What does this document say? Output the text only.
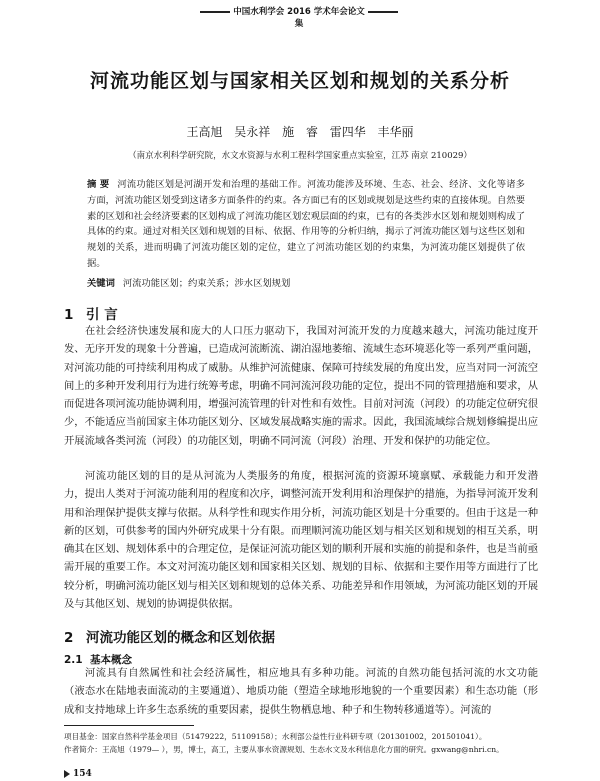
中国水利学会 2016 学术年会论文集
河流功能区划与国家相关区划和规划的关系分析
王高旭 吴永祥 施 睿 雷四华 丰华丽
（南京水利科学研究院，水文水资源与水利工程科学国家重点实验室，江苏 南京 210029）
摘 要 河流功能区划是河湖开发和治理的基础工作。河流功能涉及环境、生态、社会、经济、文化等诸多方面，河流功能区划受到这诸多方面条件的约束。各方面已有的区划或规划是这些约束的直接体现。自然要素的区划和社会经济要素的区划构成了河流功能区划宏观层面的约束，已有的各类涉水区划和规划则构成了具体的约束。通过对相关区划和规划的目标、依据、作用等的分析归纳，揭示了河流功能区划与这些区划和规划的关系，进而明确了河流功能区划的定位，建立了河流功能区划的约束集，为河流功能区划提供了依据。
关键词 河流功能区划；约束关系；涉水区划规划
1 引 言
在社会经济快速发展和庞大的人口压力驱动下，我国对河流开发的力度越来越大，河流功能过度开发、无序开发的现象十分普遍，已造成河流断流、湖泊湿地萎缩、流域生态环境恶化等一系列严重问题，对河流功能的可持续利用构成了威胁。从维护河流健康、保障可持续发展的角度出发，应当对同一河流空间上的多种开发利用行为进行统筹考虑，明确不同河流河段功能的定位，提出不同的管理措施和要求，从而促进各项河流功能协调利用，增强河流管理的针对性和有效性。目前对河流（河段）的功能定位研究很少，不能适应当前国家主体功能区划分、区域发展战略实施的需求。因此，我国流域综合规划修编提出应开展流域各类河流（河段）的功能区划，明确不同河流（河段）治理、开发和保护的功能定位。
河流功能区划的目的是从河流为人类服务的角度，根据河流的资源环境禀赋、承载能力和开发潜力，提出人类对于河流功能利用的程度和次序，调整河流开发利用和治理保护的措施，为指导河流开发利用和治理保护提供支撑与依据。从科学性和现实作用分析，河流功能区划是十分重要的。但由于这是一种新的区划，可供参考的国内外研究成果十分有限。而理顺河流功能区划与相关区划和规划的相互关系，明确其在区划、规划体系中的合理定位，是保证河流功能区划的顺利开展和实施的前提和条件，也是当前亟需开展的重要工作。本文对河流功能区划和国家相关区划、规划的目标、依据和主要作用等方面进行了比较分析，明确河流功能区划与相关区划和规划的总体关系、功能差异和作用领域，为河流功能区划的开展及与其他区划、规划的协调提供依据。
2 河流功能区划的概念和区划依据
2.1 基本概念
河流具有自然属性和社会经济属性，相应地具有多种功能。河流的自然功能包括河流的水文功能（液态水在陆地表面流动的主要通道）、地质功能（塑造全球地形地貌的一个重要因素）和生态功能（形成和支持地球上许多生态系统的重要因素，提供生物栖息地、种子和生物转移通道等）。河流的
项目基金：国家自然科学基金项目（51479222，51109158）；水利部公益性行业科研专项（201301002，201501041）。
作者简介：王高旭（1979— ），男，博士，高工，主要从事水资源规划、生态水文及水利信息化方面的研究。gxwang@nhri.cn。
154
